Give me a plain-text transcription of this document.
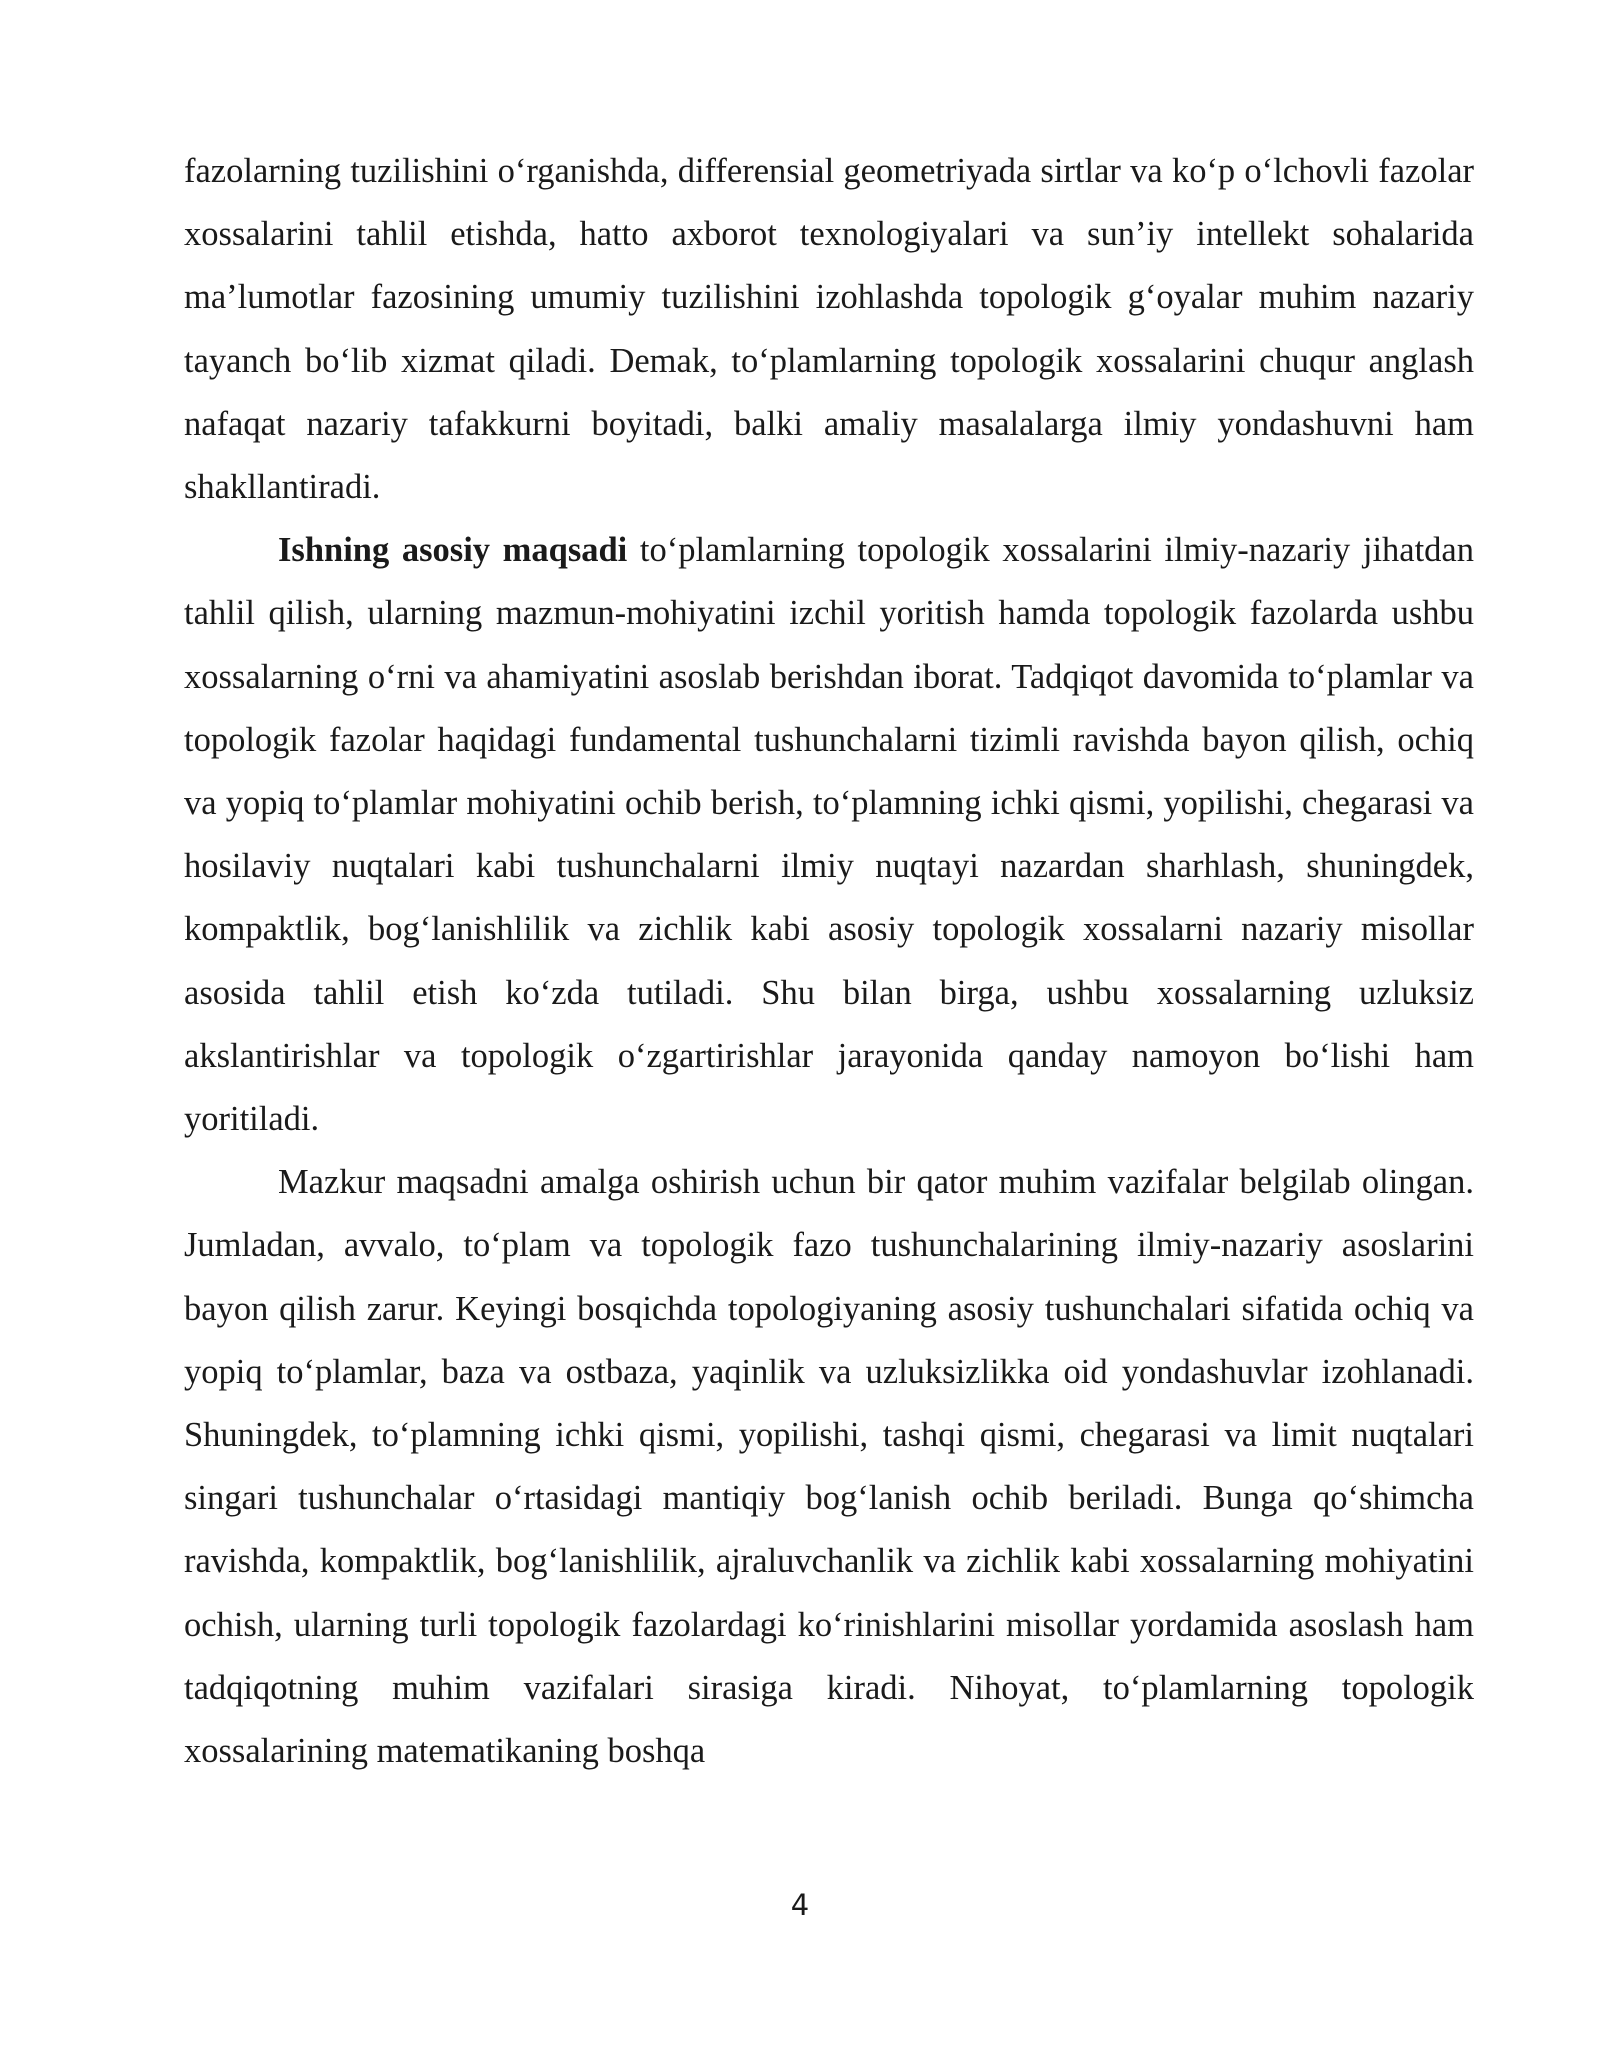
fazolarning tuzilishini o‘rganishda, differensial geometriyada sirtlar va ko‘p o‘lchovli fazolar xossalarini tahlil etishda, hatto axborot texnologiyalari va sun’iy intellekt sohalarida ma’lumotlar fazosining umumiy tuzilishini izohlashda topologik g‘oyalar muhim nazariy tayanch bo‘lib xizmat qiladi. Demak, to‘plamlarning topologik xossalarini chuqur anglash nafaqat nazariy tafakkurni boyitadi, balki amaliy masalalarga ilmiy yondashuvni ham shakllantiradi.

Ishning asosiy maqsadi to‘plamlarning topologik xossalarini ilmiy-nazariy jihatdan tahlil qilish, ularning mazmun-mohiyatini izchil yoritish hamda topologik fazolarda ushbu xossalarning o‘rni va ahamiyatini asoslab berishdan iborat. Tadqiqot davomida to‘plamlar va topologik fazolar haqidagi fundamental tushunchalarni tizimli ravishda bayon qilish, ochiq va yopiq to‘plamlar mohiyatini ochib berish, to‘plamning ichki qismi, yopilishi, chegarasi va hosilaviy nuqtalari kabi tushunchalarni ilmiy nuqtayi nazardan sharhlash, shuningdek, kompaktlik, bog‘lanishlilik va zichlik kabi asosiy topologik xossalarni nazariy misollar asosida tahlil etish ko‘zda tutiladi. Shu bilan birga, ushbu xossalarning uzluksiz akslantirishlar va topologik o‘zgartirishlar jarayonida qanday namoyon bo‘lishi ham yoritiladi.

Mazkur maqsadni amalga oshirish uchun bir qator muhim vazifalar belgilab olingan. Jumladan, avvalo, to‘plam va topologik fazo tushunchalarining ilmiy-nazariy asoslarini bayon qilish zarur. Keyingi bosqichda topologiyaning asosiy tushunchalari sifatida ochiq va yopiq to‘plamlar, baza va ostbaza, yaqinlik va uzluksizlikka oid yondashuvlar izohlanadi. Shuningdek, to‘plamning ichki qismi, yopilishi, tashqi qismi, chegarasi va limit nuqtalari singari tushunchalar o‘rtasidagi mantiqiy bog‘lanish ochib beriladi. Bunga qo‘shimcha ravishda, kompaktlik, bog‘lanishlilik, ajraluvchanlik va zichlik kabi xossalarning mohiyatini ochish, ularning turli topologik fazolardagi ko‘rinishlarini misollar yordamida asoslash ham tadqiqotning muhim vazifalari sirasiga kiradi. Nihoyat, to‘plamlarning topologik xossalarining matematikaning boshqa

4
